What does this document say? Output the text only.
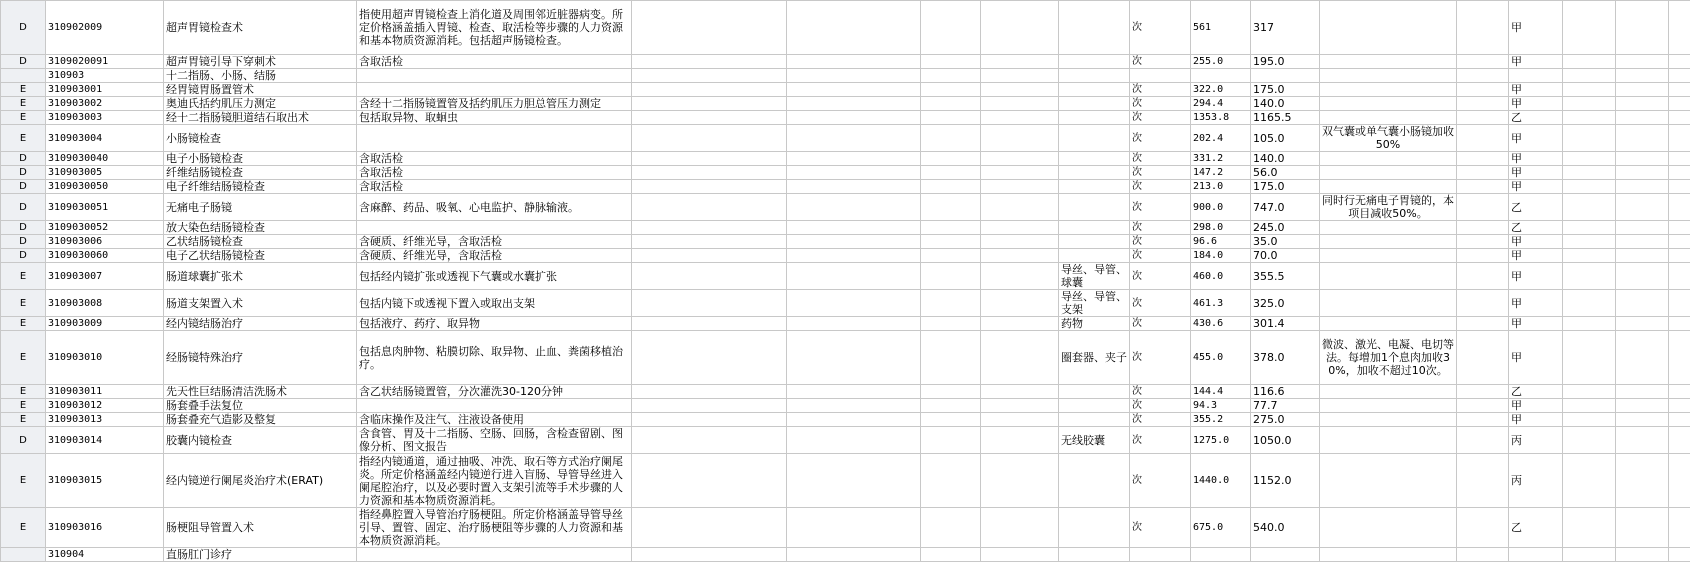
D	310902009	超声胃镜检查术	指使用超声胃镜检查上消化道及周围邻近脏器病变。所定价格涵盖插入胃镜、检查、取活检等步骤的人力资源和基本物质资源消耗。包括超声肠镜检查。						次	561	317			甲						
D	3109020091	超声胃镜引导下穿刺术	含取活检						次	255.0	195.0			甲						
	310903	十二指肠、小肠、结肠																		
E	310903001	经胃镜胃肠置管术							次	322.0	175.0			甲						
E	310903002	奥迪氏括约肌压力测定	含经十二指肠镜置管及括约肌压力胆总管压力测定						次	294.4	140.0			甲						
E	310903003	经十二指肠镜胆道结石取出术	包括取异物、取蛔虫						次	1353.8	1165.5			乙						
E	310903004	小肠镜检查							次	202.4	105.0	双气囊或单气囊小肠镜加收50%		甲						
D	3109030040	电子小肠镜检查	含取活检						次	331.2	140.0			甲						
D	310903005	纤维结肠镜检查	含取活检						次	147.2	56.0			甲						
D	3109030050	电子纤维结肠镜检查	含取活检						次	213.0	175.0			甲						
D	3109030051	无痛电子肠镜	含麻醉、药品、吸氧、心电监护、静脉输液。						次	900.0	747.0	同时行无痛电子胃镜的，本项目减收50%。		乙						
D	3109030052	放大染色结肠镜检查							次	298.0	245.0			乙						
D	310903006	乙状结肠镜检查	含硬质、纤维光导，含取活检						次	96.6	35.0			甲						
D	3109030060	电子乙状结肠镜检查	含硬质、纤维光导，含取活检						次	184.0	70.0			甲						
E	310903007	肠道球囊扩张术	包括经内镜扩张或透视下气囊或水囊扩张					导丝、导管、球囊	次	460.0	355.5			甲						
E	310903008	肠道支架置入术	包括内镜下或透视下置入或取出支架					导丝、导管、支架	次	461.3	325.0			甲						
E	310903009	经内镜结肠治疗	包括液疗、药疗、取异物					药物	次	430.6	301.4			甲						
E	310903010	经肠镜特殊治疗	包括息肉肿物、粘膜切除、取异物、止血、粪菌移植治疗。					圈套器、夹子	次	455.0	378.0	微波、激光、电凝、电切等法。每增加1个息肉加收30%，加收不超过10次。		甲						
E	310903011	先天性巨结肠清洁洗肠术	含乙状结肠镜置管，分次灌洗30-120分钟						次	144.4	116.6			乙						
E	310903012	肠套叠手法复位							次	94.3	77.7			甲						
E	310903013	肠套叠充气造影及整复	含临床操作及注气、注液设备使用						次	355.2	275.0			甲						
D	310903014	胶囊内镜检查	含食管、胃及十二指肠、空肠、回肠，含检查留剧、图像分析、图文报告					无线胶囊	次	1275.0	1050.0			丙						
E	310903015	经内镜逆行阑尾炎治疗术(ERAT)	指经内镜通道，通过抽吸、冲洗、取石等方式治疗阑尾炎。所定价格涵盖经内镜逆行进入盲肠、导管导丝进入阑尾腔治疗，以及必要时置入支架引流等手术步骤的人力资源和基本物质资源消耗。						次	1440.0	1152.0			丙						
E	310903016	肠梗阻导管置入术	指经鼻腔置入导管治疗肠梗阻。所定价格涵盖导管导丝引导、置管、固定、治疗肠梗阻等步骤的人力资源和基本物质资源消耗。						次	675.0	540.0			乙						
	310904	直肠肛门诊疗																		
